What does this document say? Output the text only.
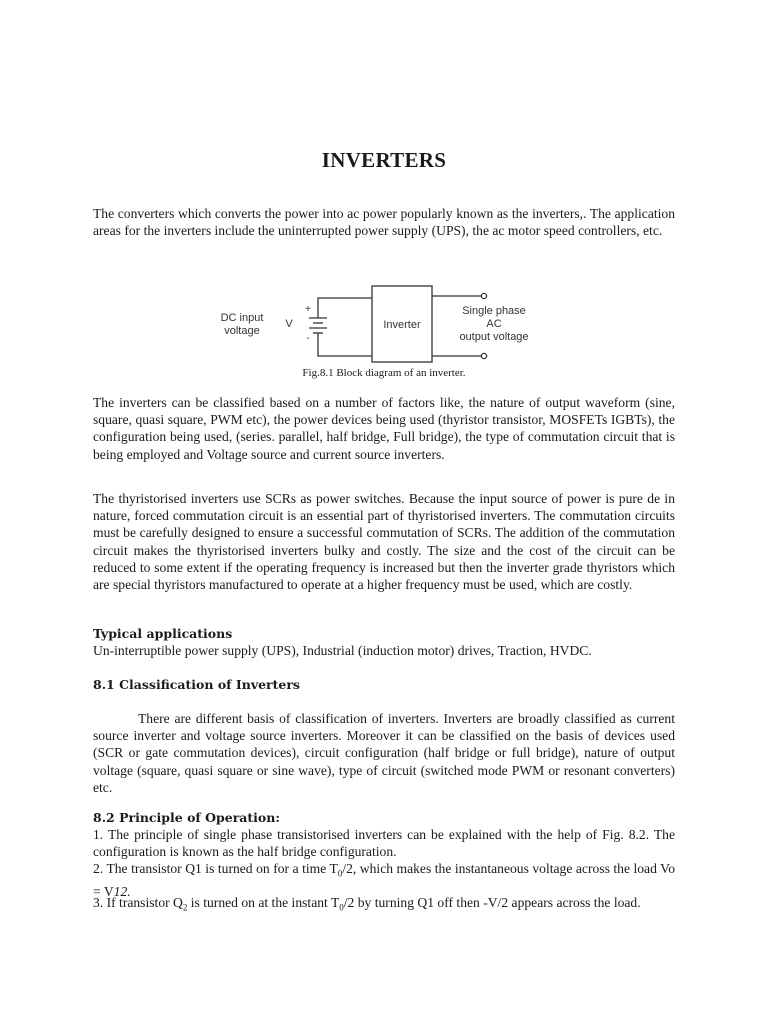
INVERTERS

The converters which converts the power into ac power popularly known as the inverters,. The application areas for the inverters include the uninterrupted power supply (UPS), the ac motor speed controllers, etc.

DC input
voltage
V
+
-
Inverter
Single phase
AC
output voltage
Fig.8.1 Block diagram of an inverter.

The inverters can be classified based on a number of factors like, the nature of output waveform (sine, square, quasi square, PWM etc), the power devices being used (thyristor transistor, MOSFETs IGBTs), the configuration being used, (series. parallel, half bridge, Full bridge), the type of commutation circuit that is being employed and Voltage source and current source inverters.

The thyristorised inverters use SCRs as power switches. Because the input source of power is pure de in nature, forced commutation circuit is an essential part of thyristorised inverters. The commutation circuits must be carefully designed to ensure a successful commutation of SCRs. The addition of the commutation circuit makes the thyristorised inverters bulky and costly. The size and the cost of the circuit can be reduced to some extent if the operating frequency is increased but then the inverter grade thyristors which are special thyristors manufactured to operate at a higher frequency must be used, which are costly.

Typical applications
Un-interruptible power supply (UPS), Industrial (induction motor) drives, Traction, HVDC.
8.1 Classification of Inverters

There are different basis of classification of inverters. Inverters are broadly classified as current source inverter and voltage source inverters. Moreover it can be classified on the basis of devices used (SCR or gate commutation devices), circuit configuration (half bridge or full bridge), nature of output voltage (square, quasi square or sine wave), type of circuit (switched mode PWM or resonant converters) etc.

8.2 Principle of Operation:

1. The principle of single phase transistorised inverters can be explained with the help of Fig. 8.2. The configuration is known as the half bridge configuration.

2. The transistor Q1 is turned on for a time $T_0/2$, which makes the instantaneous voltage across the load Vo = V12.

3. If transistor $Q_2$ is turned on at the instant $T_0/2$ by turning Q1 off then -V/2 appears across the load.
